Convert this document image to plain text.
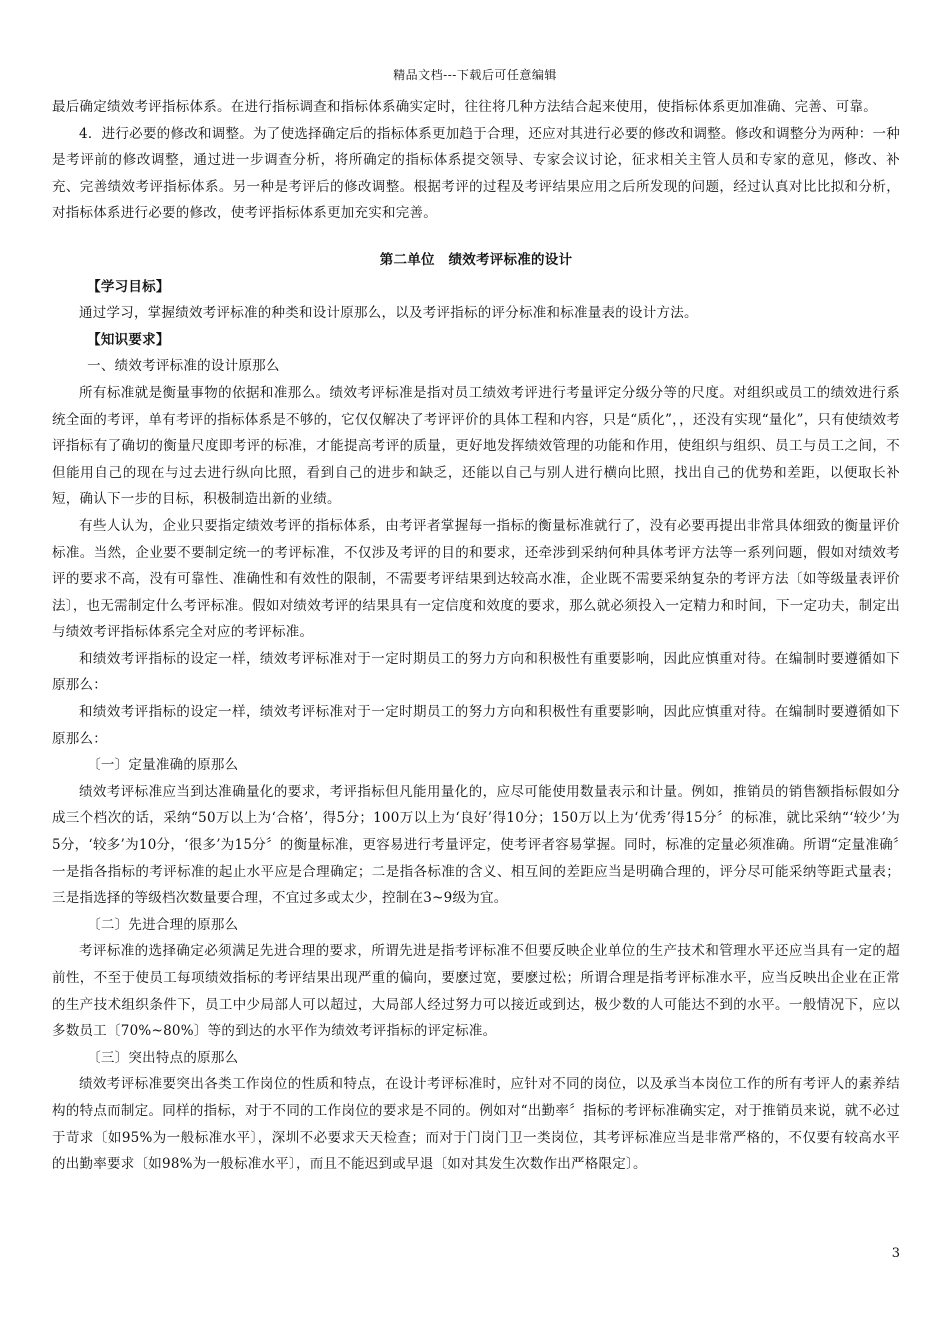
精品文档---下载后可任意编辑

最后确定绩效考评指标体系。在进行指标调查和指标体系确实定时，往往将几种方法结合起来使用，使指标体系更加准确、完善、可靠。

4．进行必要的修改和调整。为了使选择确定后的指标体系更加趋于合理，还应对其进行必要的修改和调整。修改和调整分为两种：一种是考评前的修改调整，通过进一步调查分析，将所确定的指标体系提交领导、专家会议讨论，征求相关主管人员和专家的意见，修改、补充、完善绩效考评指标体系。另一种是考评后的修改调整。根据考评的过程及考评结果应用之后所发现的问题，经过认真对比比拟和分析，对指标体系进行必要的修改，使考评指标体系更加充实和完善。

第二单位　绩效考评标准的设计

【学习目标】

通过学习，掌握绩效考评标准的种类和设计原那么，以及考评指标的评分标准和标准量表的设计方法。

【知识要求】

一、绩效考评标准的设计原那么

所有标准就是衡量事物的依据和准那么。绩效考评标准是指对员工绩效考评进行考量评定分级分等的尺度。对组织或员工的绩效进行系统全面的考评，单有考评的指标体系是不够的，它仅仅解决了考评评价的具体工程和内容，只是“质化”，，还没有实现“量化”，只有使绩效考评指标有了确切的衡量尺度即考评的标准，才能提高考评的质量，更好地发挥绩效管理的功能和作用，使组织与组织、员工与员工之间，不但能用自己的现在与过去进行纵向比照，看到自己的进步和缺乏，还能以自己与别人进行横向比照，找出自己的优势和差距，以便取长补短，确认下一步的目标，积极制造出新的业绩。

有些人认为，企业只要指定绩效考评的指标体系，由考评者掌握每一指标的衡量标准就行了，没有必要再提出非常具体细致的衡量评价标准。当然，企业要不要制定统一的考评标准，不仅涉及考评的目的和要求，还牵涉到采纳何种具体考评方法等一系列问题，假如对绩效考评的要求不高，没有可靠性、准确性和有效性的限制，不需要考评结果到达较高水准，企业既不需要采纳复杂的考评方法〔如等级量表评价法〕，也无需制定什么考评标准。假如对绩效考评的结果具有一定信度和效度的要求，那么就必须投入一定精力和时间，下一定功夫，制定出与绩效考评指标体系完全对应的考评标准。

和绩效考评指标的设定一样，绩效考评标准对于一定时期员工的努力方向和积极性有重要影响，因此应慎重对待。在编制时要遵循如下原那么：

和绩效考评指标的设定一样，绩效考评标准对于一定时期员工的努力方向和积极性有重要影响，因此应慎重对待。在编制时要遵循如下原那么：

〔一〕定量准确的原那么

绩效考评标准应当到达准确量化的要求，考评指标但凡能用量化的，应尽可能使用数量表示和计量。例如，推销员的销售额指标假如分成三个档次的话，采纳“50万以上为‘合格’，得5分；100万以上为‘良好’得10分；150万以上为‘优秀’得15分〞的标准，就比采纳“‘较少’为5分，‘较多’为10分，‘很多’为15分〞的衡量标准，更容易进行考量评定，使考评者容易掌握。同时，标准的定量必须准确。所谓“定量准确〞一是指各指标的考评标准的起止水平应是合理确定；二是指各标准的含义、相互间的差距应当是明确合理的，评分尽可能采纳等距式量表；三是指选择的等级档次数量要合理，不宜过多或太少，控制在3~9级为宜。

〔二〕先进合理的原那么

考评标准的选择确定必须满足先进合理的要求，所谓先进是指考评标准不但要反映企业单位的生产技术和管理水平还应当具有一定的超前性，不至于使员工每项绩效指标的考评结果出现严重的偏向，要麽过宽，要麽过松；所谓合理是指考评标准水平，应当反映出企业在正常的生产技术组织条件下，员工中少局部人可以超过，大局部人经过努力可以接近或到达，极少数的人可能达不到的水平。一般情况下，应以多数员工〔70%~80%〕等的到达的水平作为绩效考评指标的评定标准。

〔三〕突出特点的原那么

绩效考评标准要突出各类工作岗位的性质和特点，在设计考评标准时，应针对不同的岗位，以及承当本岗位工作的所有考评人的素养结构的特点而制定。同样的指标，对于不同的工作岗位的要求是不同的。例如对“出勤率〞指标的考评标准确实定，对于推销员来说，就不必过于苛求〔如95%为一般标准水平〕，深圳不必要求天天检查；而对于门岗门卫一类岗位，其考评标准应当是非常严格的，不仅要有较高水平的出勤率要求〔如98%为一般标准水平〕，而且不能迟到或早退〔如对其发生次数作出严格限定〕。

3
